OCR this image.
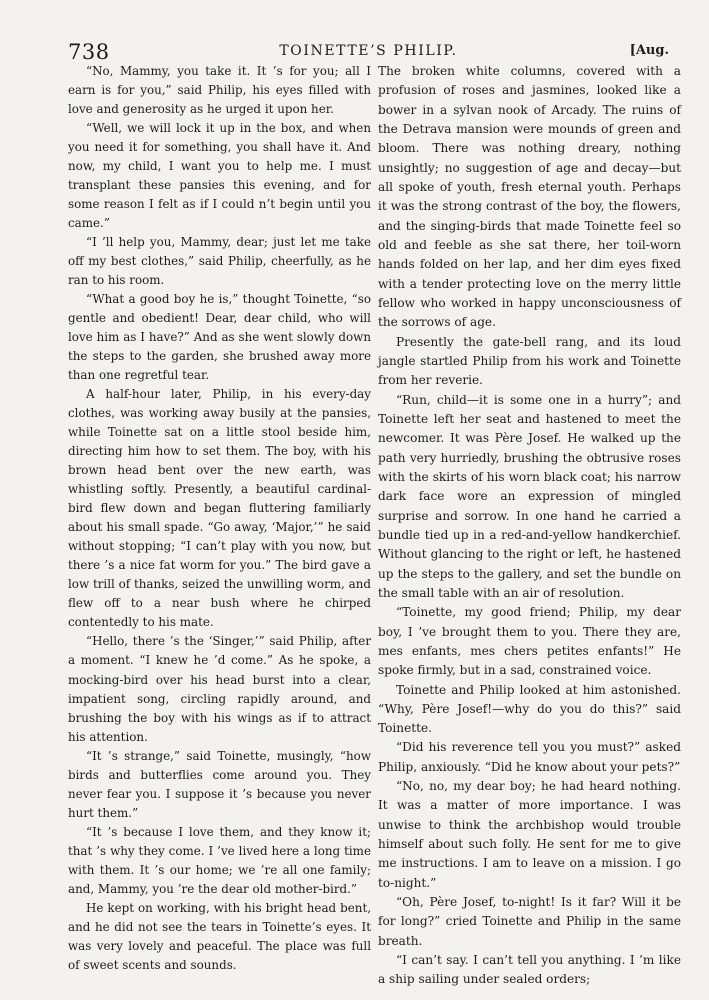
738	TOINETTE’S PHILIP.	[Aug.

“No, Mammy, you take it. It ’s for you; all I earn is for you,” said Philip, his eyes filled with love and generosity as he urged it upon her.

“Well, we will lock it up in the box, and when you need it for something, you shall have it. And now, my child, I want you to help me. I must transplant these pansies this evening, and for some reason I felt as if I could n’t begin until you came.”

“I ’ll help you, Mammy, dear; just let me take off my best clothes,” said Philip, cheerfully, as he ran to his room.

“What a good boy he is,” thought Toinette, “so gentle and obedient! Dear, dear child, who will love him as I have?” And as she went slowly down the steps to the garden, she brushed away more than one regretful tear.

A half-hour later, Philip, in his every-day clothes, was working away busily at the pansies, while Toinette sat on a little stool beside him, directing him how to set them. The boy, with his brown head bent over the new earth, was whistling softly. Presently, a beautiful cardinal-bird flew down and began fluttering familiarly about his small spade. “Go away, ‘Major,’” he said without stopping; “I can’t play with you now, but there ’s a nice fat worm for you.” The bird gave a low trill of thanks, seized the unwilling worm, and flew off to a near bush where he chirped contentedly to his mate.

“Hello, there ’s the ‘Singer,’” said Philip, after a moment. “I knew he ’d come.” As he spoke, a mocking-bird over his head burst into a clear, impatient song, circling rapidly around, and brushing the boy with his wings as if to attract his attention.

“It ’s strange,” said Toinette, musingly, “how birds and butterflies come around you. They never fear you. I suppose it ’s because you never hurt them.”

“It ’s because I love them, and they know it; that ’s why they come. I ’ve lived here a long time with them. It ’s our home; we ’re all one family; and, Mammy, you ’re the dear old mother-bird.”

He kept on working, with his bright head bent, and he did not see the tears in Toinette’s eyes. It was very lovely and peaceful. The place was full of sweet scents and sounds.

The broken white columns, covered with a profusion of roses and jasmines, looked like a bower in a sylvan nook of Arcady. The ruins of the Detrava mansion were mounds of green and bloom. There was nothing dreary, nothing unsightly; no suggestion of age and decay—but all spoke of youth, fresh eternal youth. Perhaps it was the strong contrast of the boy, the flowers, and the singing-birds that made Toinette feel so old and feeble as she sat there, her toil-worn hands folded on her lap, and her dim eyes fixed with a tender protecting love on the merry little fellow who worked in happy unconsciousness of the sorrows of age.

Presently the gate-bell rang, and its loud jangle startled Philip from his work and Toinette from her reverie.

“Run, child—it is some one in a hurry”; and Toinette left her seat and hastened to meet the newcomer. It was Père Josef. He walked up the path very hurriedly, brushing the obtrusive roses with the skirts of his worn black coat; his narrow dark face wore an expression of mingled surprise and sorrow. In one hand he carried a bundle tied up in a red-and-yellow handkerchief. Without glancing to the right or left, he hastened up the steps to the gallery, and set the bundle on the small table with an air of resolution.

“Toinette, my good friend; Philip, my dear boy, I ’ve brought them to you. There they are, mes enfants, mes chers petites enfants!” He spoke firmly, but in a sad, constrained voice.

Toinette and Philip looked at him astonished. “Why, Père Josef!—why do you do this?” said Toinette.

“Did his reverence tell you you must?” asked Philip, anxiously. “Did he know about your pets?”

“No, no, my dear boy; he had heard nothing. It was a matter of more importance. I was unwise to think the archbishop would trouble himself about such folly. He sent for me to give me instructions. I am to leave on a mission. I go to-night.”

“Oh, Père Josef, to-night! Is it far? Will it be for long?” cried Toinette and Philip in the same breath.

“I can’t say. I can’t tell you anything. I ’m like a ship sailing under sealed orders;
